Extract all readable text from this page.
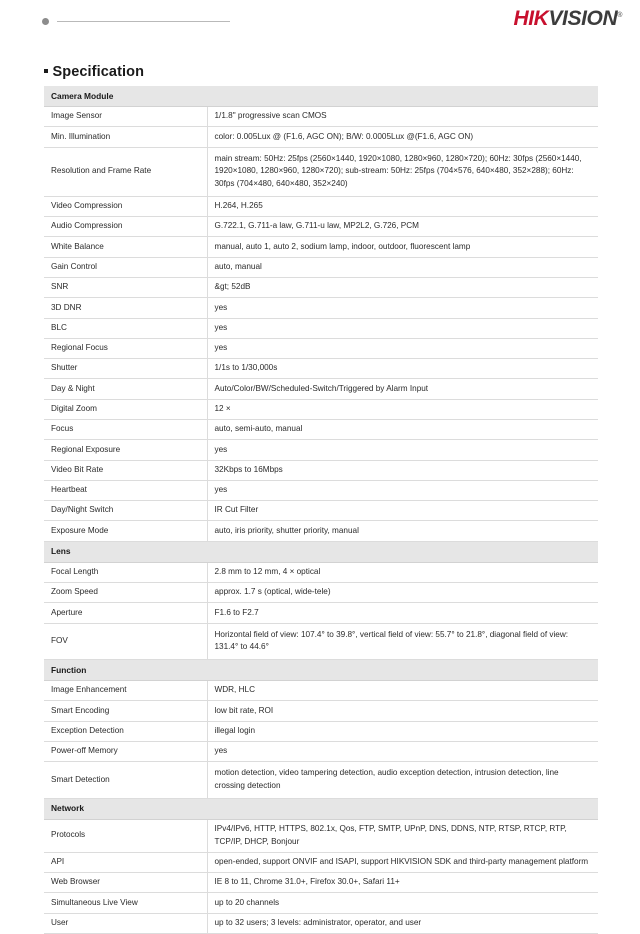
HIKVISION®
Specification
Camera Module	
Image Sensor	1/1.8" progressive scan CMOS
Min. Illumination	color: 0.005Lux @ (F1.6, AGC ON); B/W: 0.0005Lux @(F1.6, AGC ON)
Resolution and Frame Rate	main stream: 50Hz: 25fps (2560×1440, 1920×1080, 1280×960, 1280×720); 60Hz: 30fps (2560×1440, 1920×1080, 1280×960, 1280×720); sub-stream: 50Hz: 25fps (704×576, 640×480, 352×288); 60Hz: 30fps (704×480, 640×480, 352×240)
Video Compression	H.264, H.265
Audio Compression	G.722.1, G.711-a law, G.711-u law, MP2L2, G.726, PCM
White Balance	manual, auto 1, auto 2, sodium lamp, indoor, outdoor, fluorescent lamp
Gain Control	auto, manual
SNR	&gt; 52dB
3D DNR	yes
BLC	yes
Regional Focus	yes
Shutter	1/1s to 1/30,000s
Day & Night	Auto/Color/BW/Scheduled-Switch/Triggered by Alarm Input
Digital Zoom	12 ×
Focus	auto, semi-auto, manual
Regional Exposure	yes
Video Bit Rate	32Kbps to 16Mbps
Heartbeat	yes
Day/Night Switch	IR Cut Filter
Exposure Mode	auto, iris priority, shutter priority, manual
Lens	
Focal Length	2.8 mm to 12 mm, 4 × optical
Zoom Speed	approx. 1.7 s (optical, wide-tele)
Aperture	F1.6 to F2.7
FOV	Horizontal field of view: 107.4° to 39.8°, vertical field of view: 55.7° to 21.8°, diagonal field of view: 131.4° to 44.6°
Function	
Image Enhancement	WDR, HLC
Smart Encoding	low bit rate, ROI
Exception Detection	illegal login
Power-off Memory	yes
Smart Detection	motion detection, video tampering detection, audio exception detection, intrusion detection, line crossing detection
Network	
Protocols	IPv4/IPv6, HTTP, HTTPS, 802.1x, Qos, FTP, SMTP, UPnP, DNS, DDNS, NTP, RTSP, RTCP, RTP, TCP/IP, DHCP, Bonjour
API	open-ended, support ONVIF and ISAPI, support HIKVISION SDK and third-party management platform
Web Browser	IE 8 to 11, Chrome 31.0+, Firefox 30.0+, Safari 11+
Simultaneous Live View	up to 20 channels
User	up to 32 users; 3 levels: administrator, operator, and user
